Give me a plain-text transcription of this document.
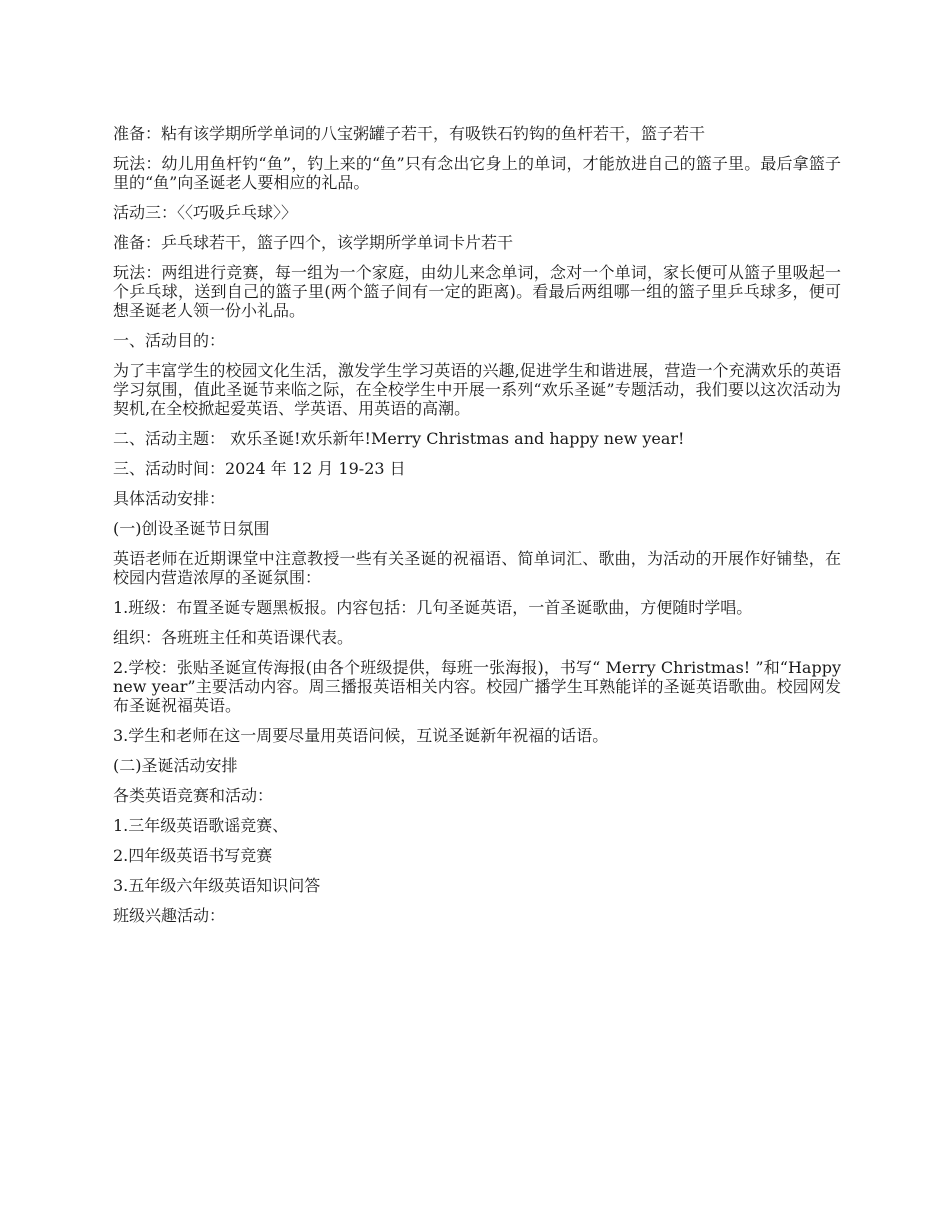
准备：粘有该学期所学单词的八宝粥罐子若干，有吸铁石钓钩的鱼杆若干，篮子若干

玩法：幼儿用鱼杆钓“鱼”，钓上来的“鱼”只有念出它身上的单词，才能放进自己的篮子里。最后拿篮子里的“鱼”向圣诞老人要相应的礼品。

活动三：〈〈巧吸乒乓球〉〉

准备：乒乓球若干，篮子四个，该学期所学单词卡片若干

玩法：两组进行竞赛，每一组为一个家庭，由幼儿来念单词，念对一个单词，家长便可从篮子里吸起一个乒乓球，送到自己的篮子里(两个篮子间有一定的距离)。看最后两组哪一组的篮子里乒乓球多，便可想圣诞老人领一份小礼品。

一、活动目的：

为了丰富学生的校园文化生活，激发学生学习英语的兴趣,促进学生和谐进展，营造一个充满欢乐的英语学习氛围，值此圣诞节来临之际，在全校学生中开展一系列“欢乐圣诞”专题活动，我们要以这次活动为契机,在全校掀起爱英语、学英语、用英语的高潮。

二、活动主题： 欢乐圣诞!欢乐新年!Merry Christmas and happy new year!

三、活动时间：2024 年 12 月 19-23 日

具体活动安排：

(一)创设圣诞节日氛围

英语老师在近期课堂中注意教授一些有关圣诞的祝福语、简单词汇、歌曲，为活动的开展作好铺垫，在校园内营造浓厚的圣诞氛围：

1.班级：布置圣诞专题黑板报。内容包括：几句圣诞英语，一首圣诞歌曲，方便随时学唱。

组织：各班班主任和英语课代表。

2.学校：张贴圣诞宣传海报(由各个班级提供，每班一张海报)，书写“ Merry Christmas! ”和“Happy new year”主要活动内容。周三播报英语相关内容。校园广播学生耳熟能详的圣诞英语歌曲。校园网发布圣诞祝福英语。

3.学生和老师在这一周要尽量用英语问候，互说圣诞新年祝福的话语。

(二)圣诞活动安排

各类英语竞赛和活动：

1.三年级英语歌谣竞赛、

2.四年级英语书写竞赛

3.五年级六年级英语知识问答

班级兴趣活动：
